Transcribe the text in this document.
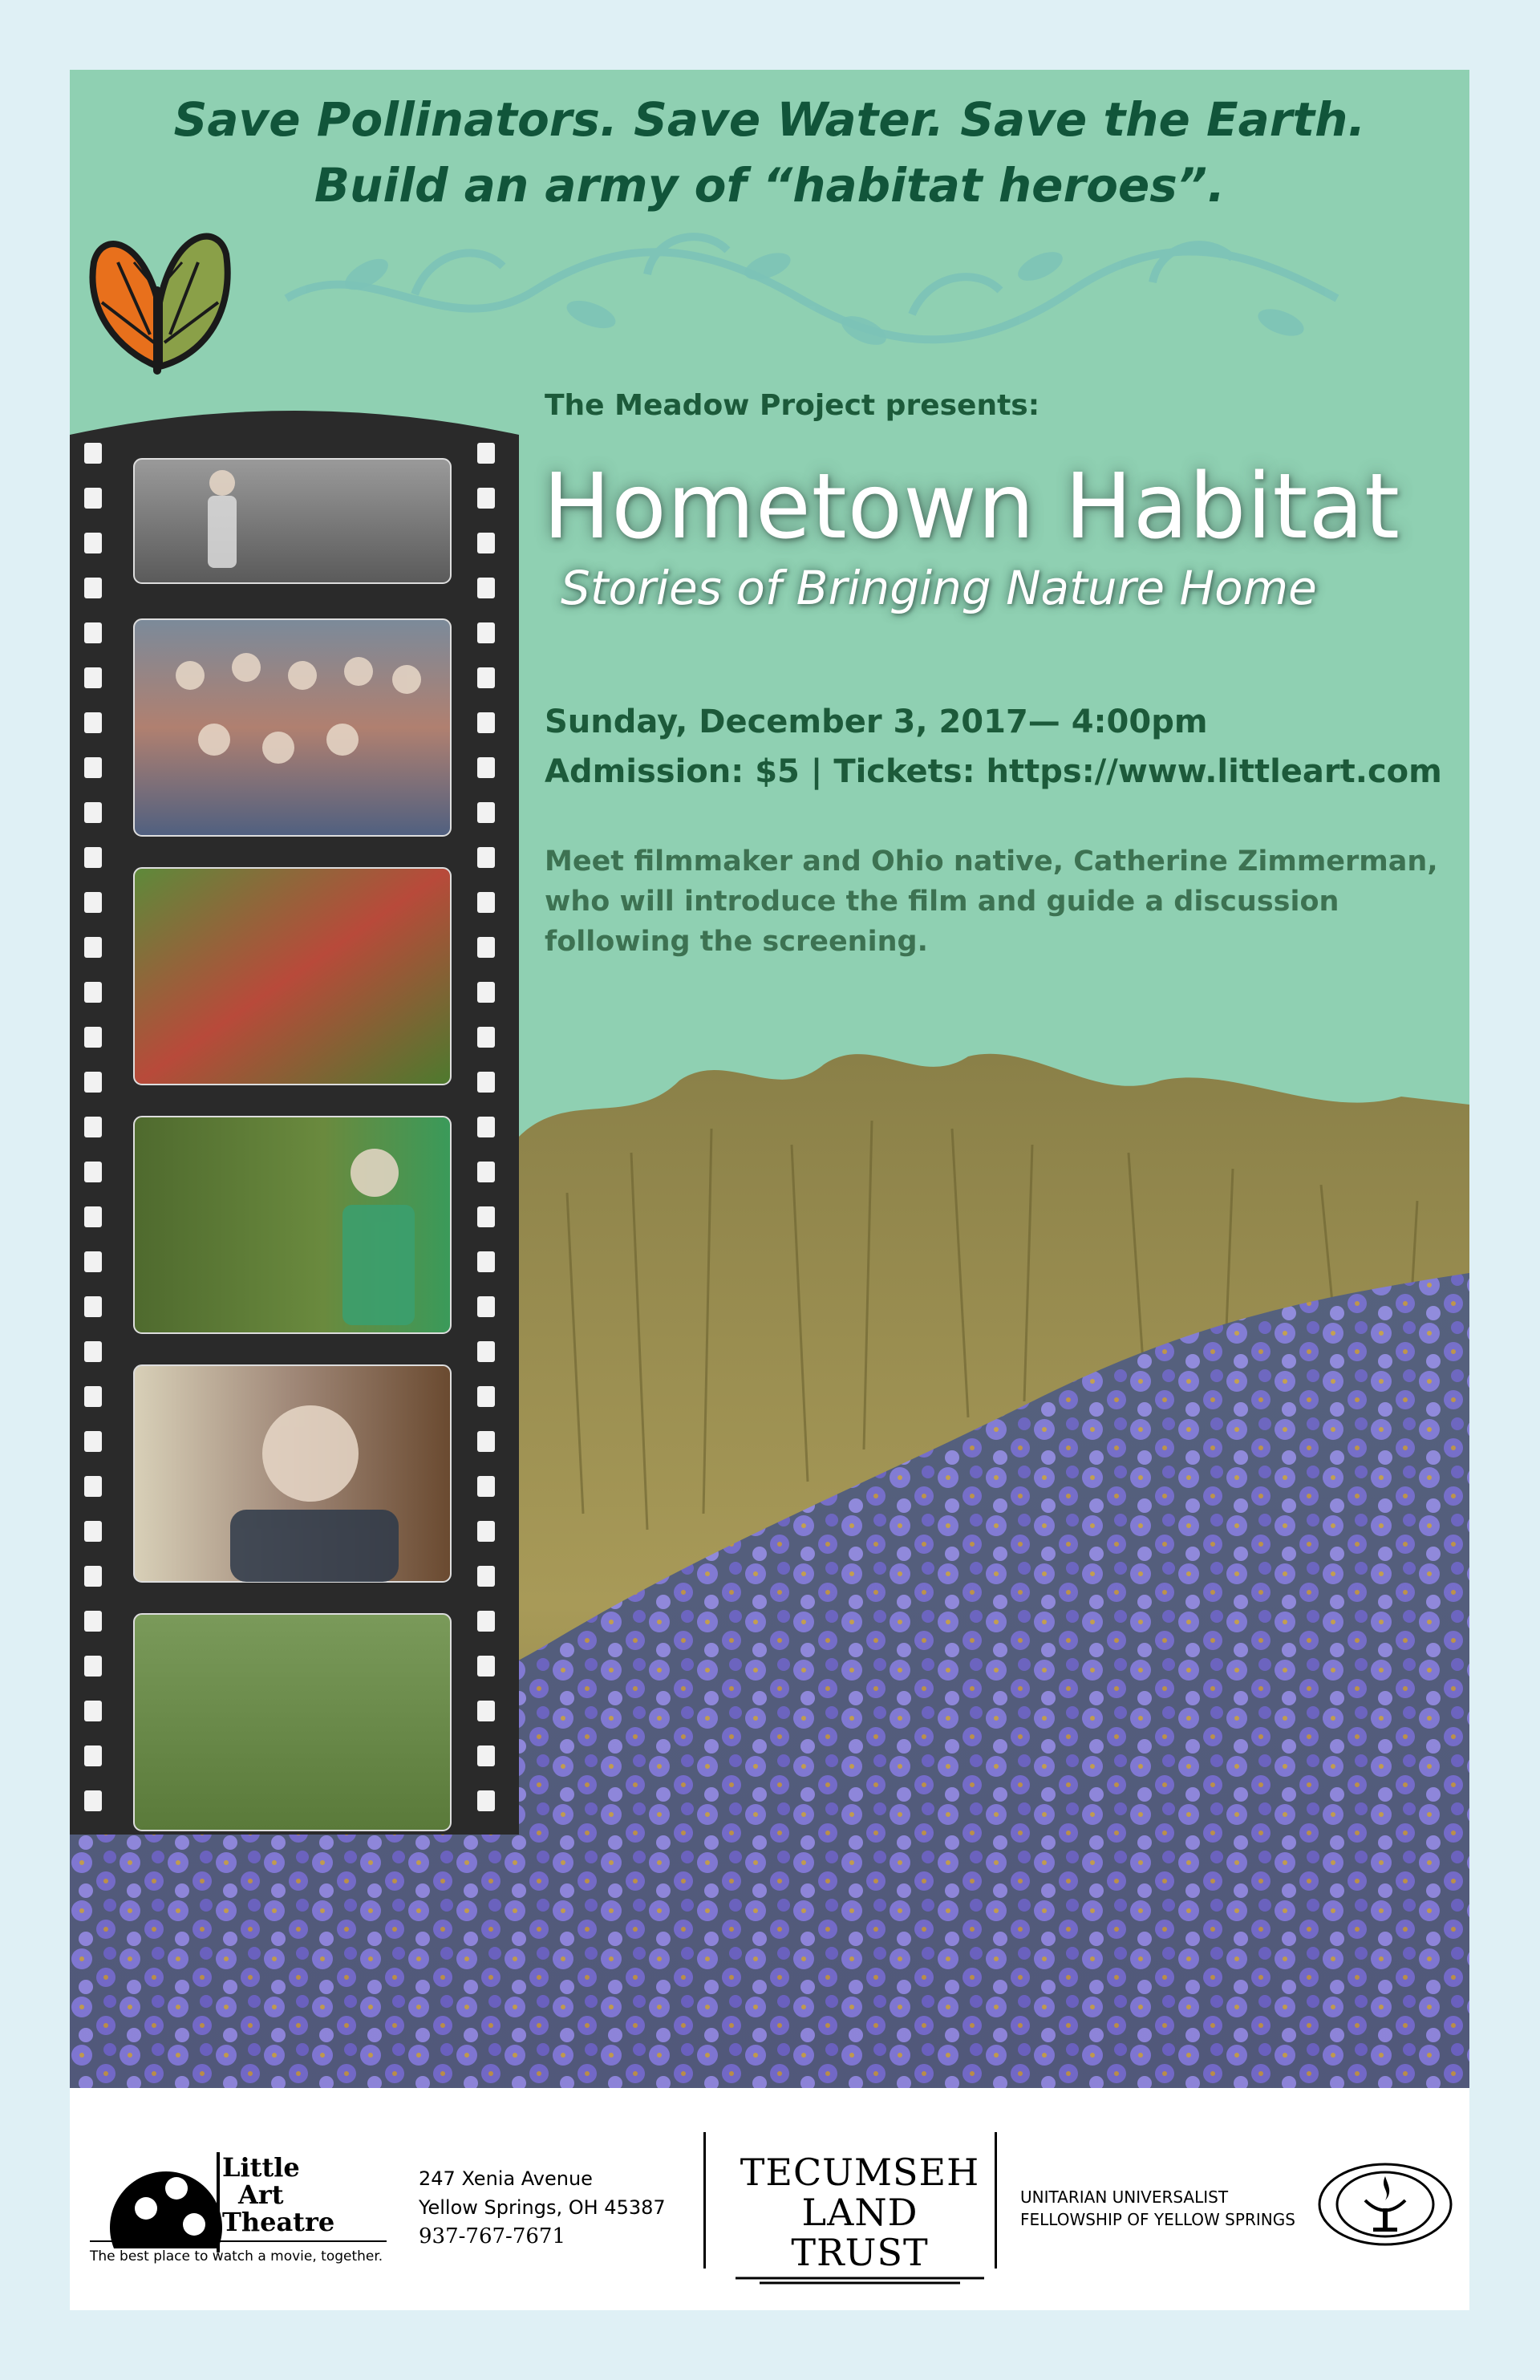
Save Pollinators. Save Water. Save the Earth.
Build an army of “habitat heroes”.
The Meadow Project presents:
Hometown Habitat
Stories of Bringing Nature Home
Sunday, December 3, 2017— 4:00pm
Admission: $5 | Tickets: https://www.littleart.com
Meet filmmaker and Ohio native, Catherine Zimmerman, who will introduce the film and guide a discussion following the screening.
Little
Art
Theatre
The best place to watch a movie, together.
247 Xenia Avenue
Yellow Springs, OH 45387
937-767-7671
TECUMSEH
LAND TRUST
UNITARIAN UNIVERSALIST
FELLOWSHIP OF YELLOW SPRINGS
